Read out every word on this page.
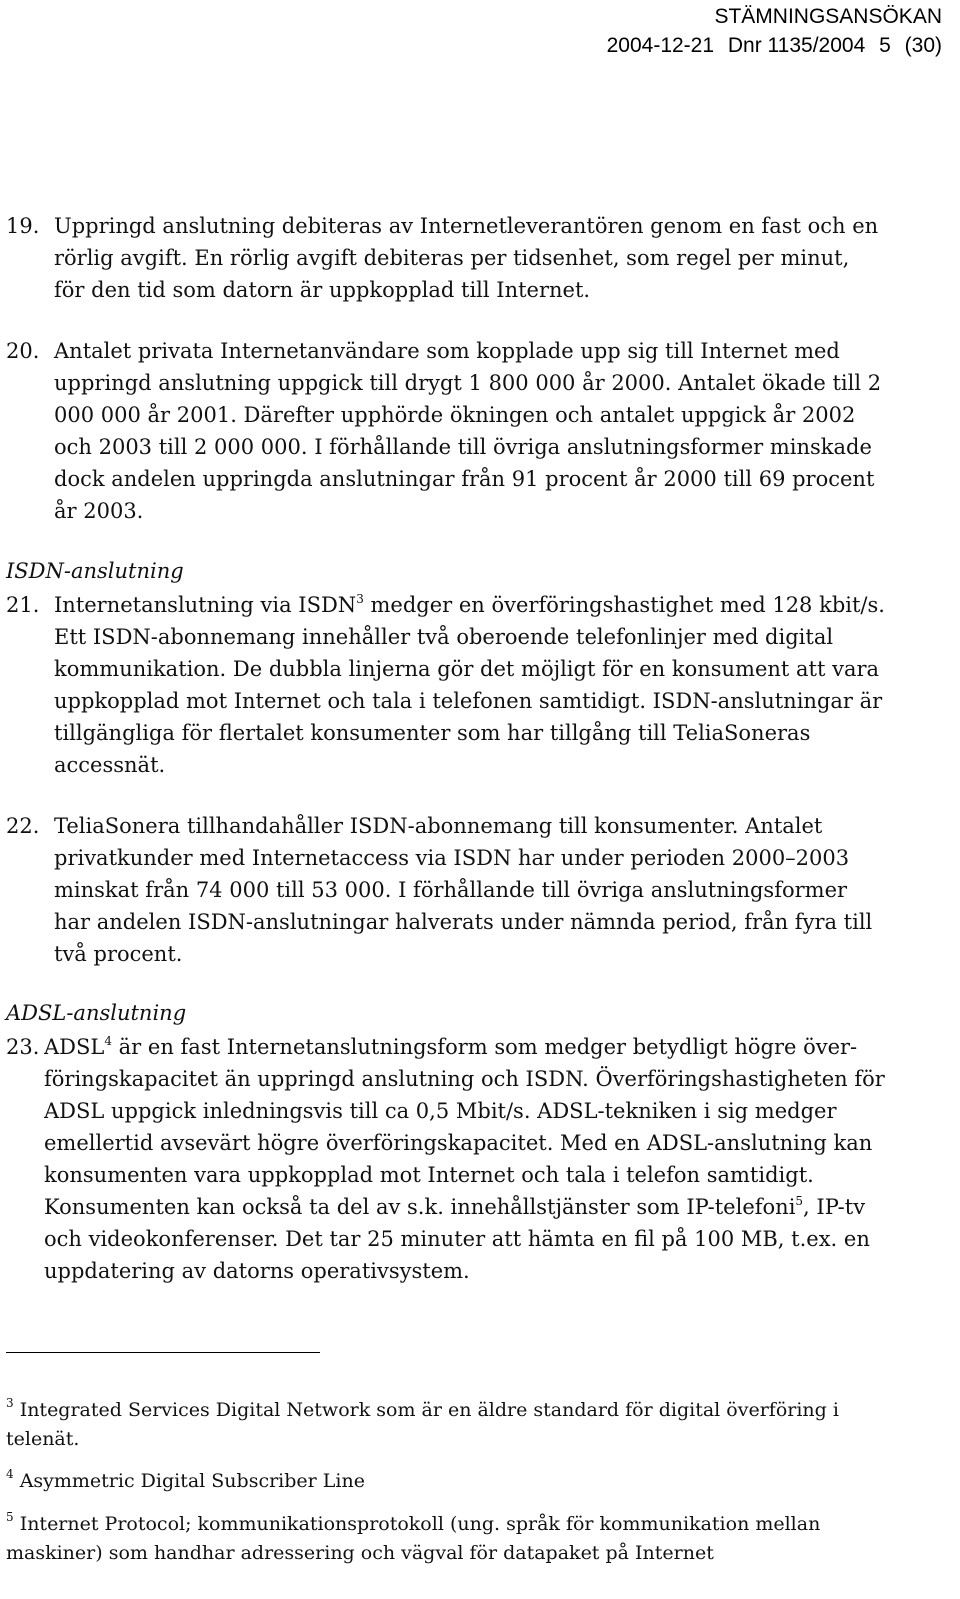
STÄMNINGSANSÖKAN
2004-12-21 Dnr 1135/2004 5 (30)
19. Uppringd anslutning debiteras av Internetleverantören genom en fast och en rörlig avgift. En rörlig avgift debiteras per tidsenhet, som regel per minut, för den tid som datorn är uppkopplad till Internet.
20. Antalet privata Internetanvändare som kopplade upp sig till Internet med uppringd anslutning uppgick till drygt 1 800 000 år 2000. Antalet ökade till 2 000 000 år 2001. Därefter upphörde ökningen och antalet uppgick år 2002 och 2003 till 2 000 000. I förhållande till övriga anslutningsformer minskade dock andelen uppringda anslutningar från 91 procent år 2000 till 69 procent år 2003.
ISDN-anslutning
21. Internetanslutning via ISDN$^3$ medger en överföringshastighet med 128 kbit/s. Ett ISDN-abonnemang innehåller två oberoende telefonlinjer med digital kommunikation. De dubbla linjerna gör det möjligt för en konsument att vara uppkopplad mot Internet och tala i telefonen samtidigt. ISDN-anslutningar är tillgängliga för flertalet konsumenter som har tillgång till TeliaSoneras accessnät.
22. TeliaSonera tillhandahåller ISDN-abonnemang till konsumenter. Antalet privatkunder med Internetaccess via ISDN har under perioden 2000–2003 minskat från 74 000 till 53 000. I förhållande till övriga anslutningsformer har andelen ISDN-anslutningar halverats under nämnda period, från fyra till två procent.
ADSL-anslutning
23. ADSL$^4$ är en fast Internetanslutningsform som medger betydligt högre över-föringskapacitet än uppringd anslutning och ISDN. Överföringshastigheten för ADSL uppgick inledningsvis till ca 0,5 Mbit/s. ADSL-tekniken i sig medger emellertid avsevärt högre överföringskapacitet. Med en ADSL-anslutning kan konsumenten vara uppkopplad mot Internet och tala i telefon samtidigt. Konsumenten kan också ta del av s.k. innehållstjänster som IP-telefoni$^5$, IP-tv och videokonferenser. Det tar 25 minuter att hämta en fil på 100 MB, t.ex. en uppdatering av datorns operativsystem.
$^3$ Integrated Services Digital Network som är en äldre standard för digital överföring i telenät.
$^4$ Asymmetric Digital Subscriber Line
$^5$ Internet Protocol; kommunikationsprotokoll (ung. språk för kommunikation mellan maskiner) som handhar adressering och vägval för datapaket på Internet
